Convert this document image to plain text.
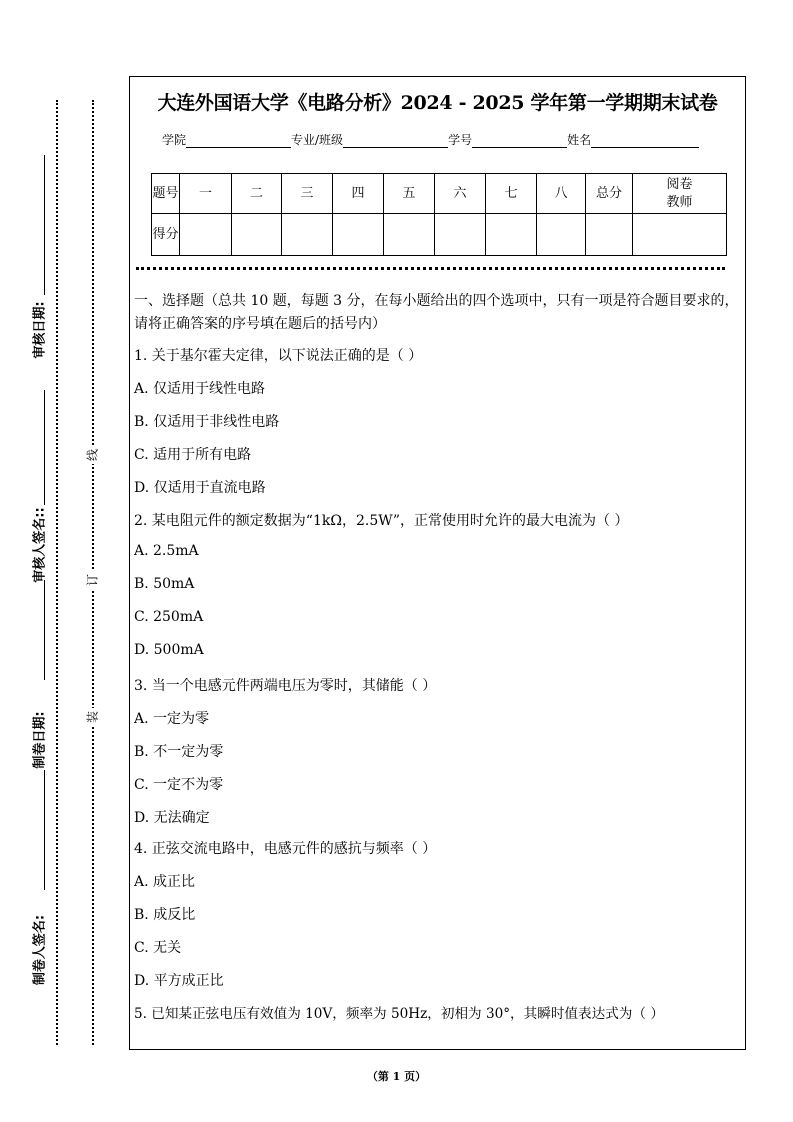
审核日期:
审核人签名::
制卷日期:
制卷人签名:
线
订
装
大连外国语大学《电路分析》2024 - 2025 学年第一学期期末试卷
学院	专业/班级	学号	姓名
题号	一	二	三	四	五	六	七	八	总分	阅卷教师
得分										
一、选择题（总共 10 题，每题 3 分，在每小题给出的四个选项中，只有一项是符合题目要求的，请将正确答案的序号填在题后的括号内）
1. 关于基尔霍夫定律，以下说法正确的是（ ）
A. 仅适用于线性电路
B. 仅适用于非线性电路
C. 适用于所有电路
D. 仅适用于直流电路
2. 某电阻元件的额定数据为“1kΩ，2.5W”，正常使用时允许的最大电流为（ ）
A. 2.5mA
B. 50mA
C. 250mA
D. 500mA
3. 当一个电感元件两端电压为零时，其储能（ ）
A. 一定为零
B. 不一定为零
C. 一定不为零
D. 无法确定
4. 正弦交流电路中，电感元件的感抗与频率（ ）
A. 成正比
B. 成反比
C. 无关
D. 平方成正比
5. 已知某正弦电压有效值为 10V，频率为 50Hz，初相为 30°，其瞬时值表达式为（ ）
（第 1 页）
